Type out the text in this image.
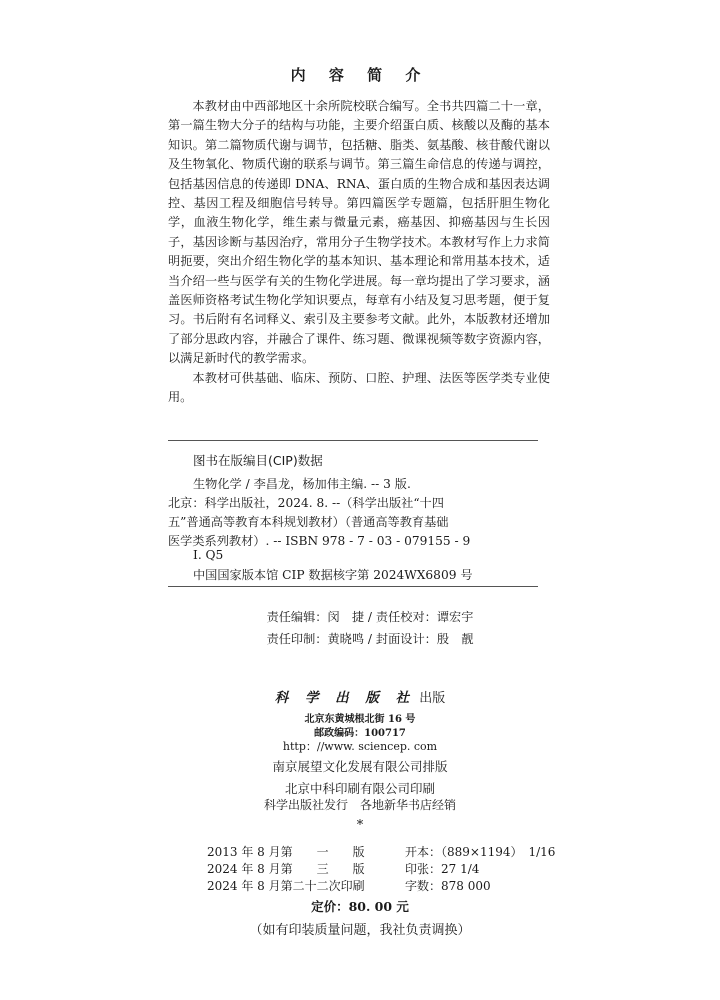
内 容 简 介

本教材由中西部地区十余所院校联合编写。全书共四篇二十一章，第一篇生物大分子的结构与功能，主要介绍蛋白质、核酸以及酶的基本知识。第二篇物质代谢与调节，包括糖、脂类、氨基酸、核苷酸代谢以及生物氧化、物质代谢的联系与调节。第三篇生命信息的传递与调控，包括基因信息的传递即 DNA、RNA、蛋白质的生物合成和基因表达调控、基因工程及细胞信号转导。第四篇医学专题篇，包括肝胆生物化学，血液生物化学，维生素与微量元素，癌基因、抑癌基因与生长因子，基因诊断与基因治疗，常用分子生物学技术。本教材写作上力求简明扼要，突出介绍生物化学的基本知识、基本理论和常用基本技术，适当介绍一些与医学有关的生物化学进展。每一章均提出了学习要求，涵盖医师资格考试生物化学知识要点，每章有小结及复习思考题，便于复习。书后附有名词释义、索引及主要参考文献。此外，本版教材还增加了部分思政内容，并融合了课件、练习题、微课视频等数字资源内容，以满足新时代的教学需求。

本教材可供基础、临床、预防、口腔、护理、法医等医学类专业使用。

图书在版编目(CIP)数据
生物化学 / 李昌龙，杨加伟主编. -- 3 版.
北京：科学出版社，2024. 8. --（科学出版社“十四
五”普通高等教育本科规划教材）（普通高等教育基础
医学类系列教材）. -- ISBN 978 - 7 - 03 - 079155 - 9
Ⅰ. Q5
中国国家版本馆 CIP 数据核字第 2024WX6809 号
责任编辑：闵　捷 / 责任校对：谭宏宇
责任印制：黄晓鸣 / 封面设计：殷　靓
科 学 出 版 社 出版
北京东黄城根北街 16 号
邮政编码：100717
http：//www. sciencep. com
南京展望文化发展有限公司排版
北京中科印刷有限公司印刷
科学出版社发行　各地新华书店经销
*
2013 年 8 月第　　一　　版	开本：（889×1194）　1/16
2024 年 8 月第　　三　　版	印张：27 1/4
2024 年 8 月第二十二次印刷	字数：878 000
定价：80. 00 元
（如有印装质量问题，我社负责调换）
